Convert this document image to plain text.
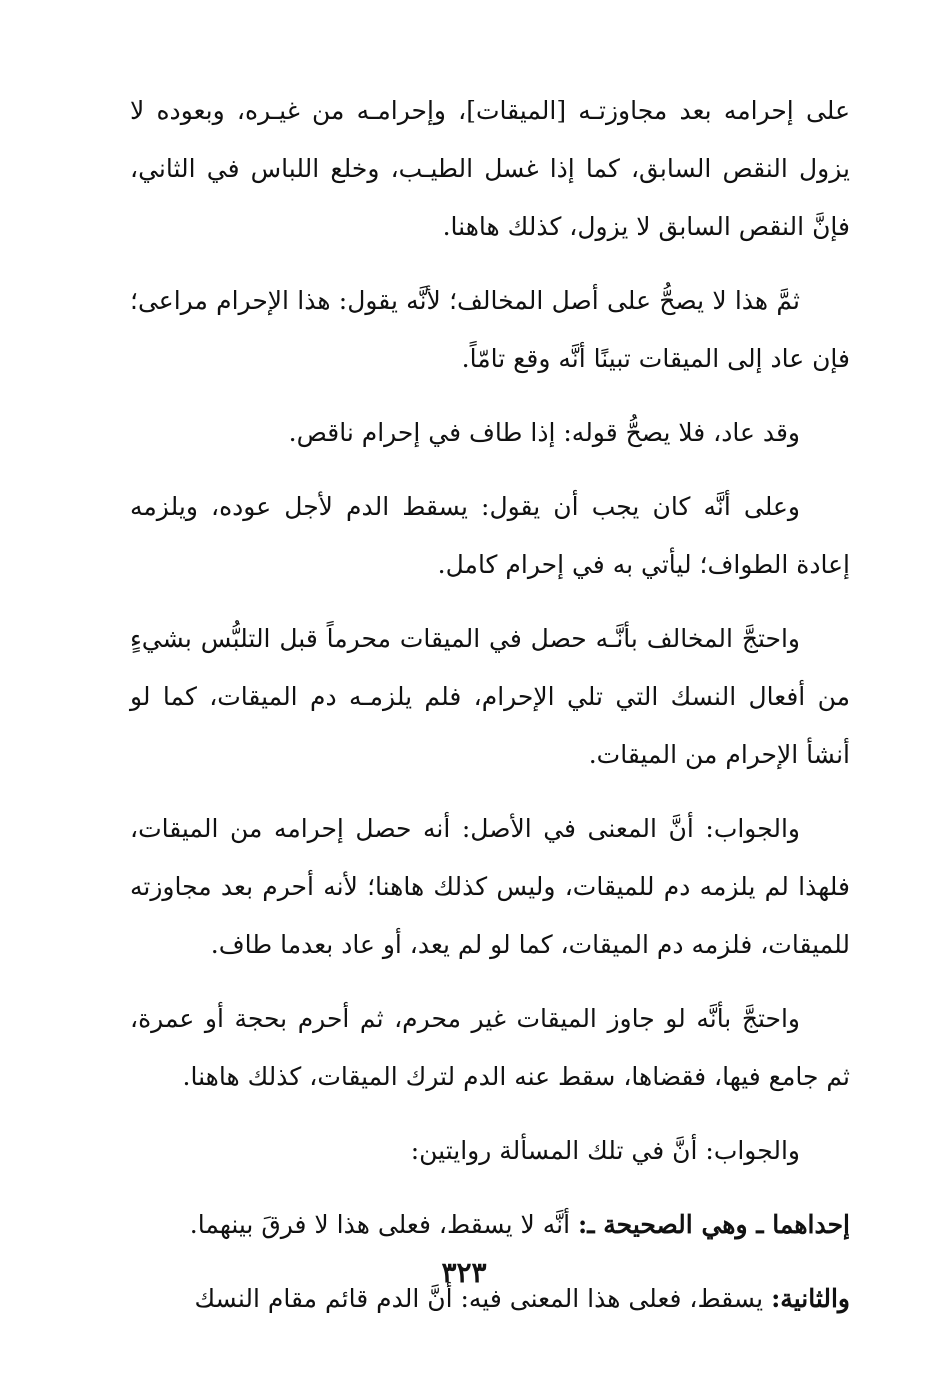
على إحرامه بعد مجاوزتـه [الميقات]، وإحرامـه من غيـره، وبعوده لا يزول النقص السابق، كما إذا غسل الطيـب، وخلع اللباس في الثاني، فإنَّ النقص السابق لا يزول، كذلك هاهنا.

ثمَّ هذا لا يصحُّ على أصل المخالف؛ لأنَّه يقول: هذا الإحرام مراعى؛ فإن عاد إلى الميقات تبينًا أنَّه وقع تامّاً.

وقد عاد، فلا يصحُّ قوله: إذا طاف في إحرام ناقص.

وعلى أنَّه كان يجب أن يقول: يسقط الدم لأجل عوده، ويلزمه إعادة الطواف؛ ليأتي به في إحرام كامل.

واحتجَّ المخالف بأنَّـه حصل في الميقات محرماً قبل التلبُّس بشيءٍ من أفعال النسك التي تلي الإحرام، فلم يلزمـه دم الميقات، كما لو أنشأ الإحرام من الميقات.

والجواب: أنَّ المعنى في الأصل: أنه حصل إحرامه من الميقات، فلهذا لم يلزمه دم للميقات، وليس كذلك هاهنا؛ لأنه أحرم بعد مجاوزته للميقات، فلزمه دم الميقات، كما لو لم يعد، أو عاد بعدما طاف.

واحتجَّ بأنَّه لو جاوز الميقات غير محرم، ثم أحرم بحجة أو عمرة، ثم جامع فيها، فقضاها، سقط عنه الدم لترك الميقات، كذلك هاهنا.

والجواب: أنَّ في تلك المسألة روايتين:

إحداهما ـ وهي الصحيحة ـ: أنَّه لا يسقط، فعلى هذا لا فرقَ بينهما.

والثانية: يسقط، فعلى هذا المعنى فيه: أنَّ الدم قائم مقام النسك

٣٢٣
